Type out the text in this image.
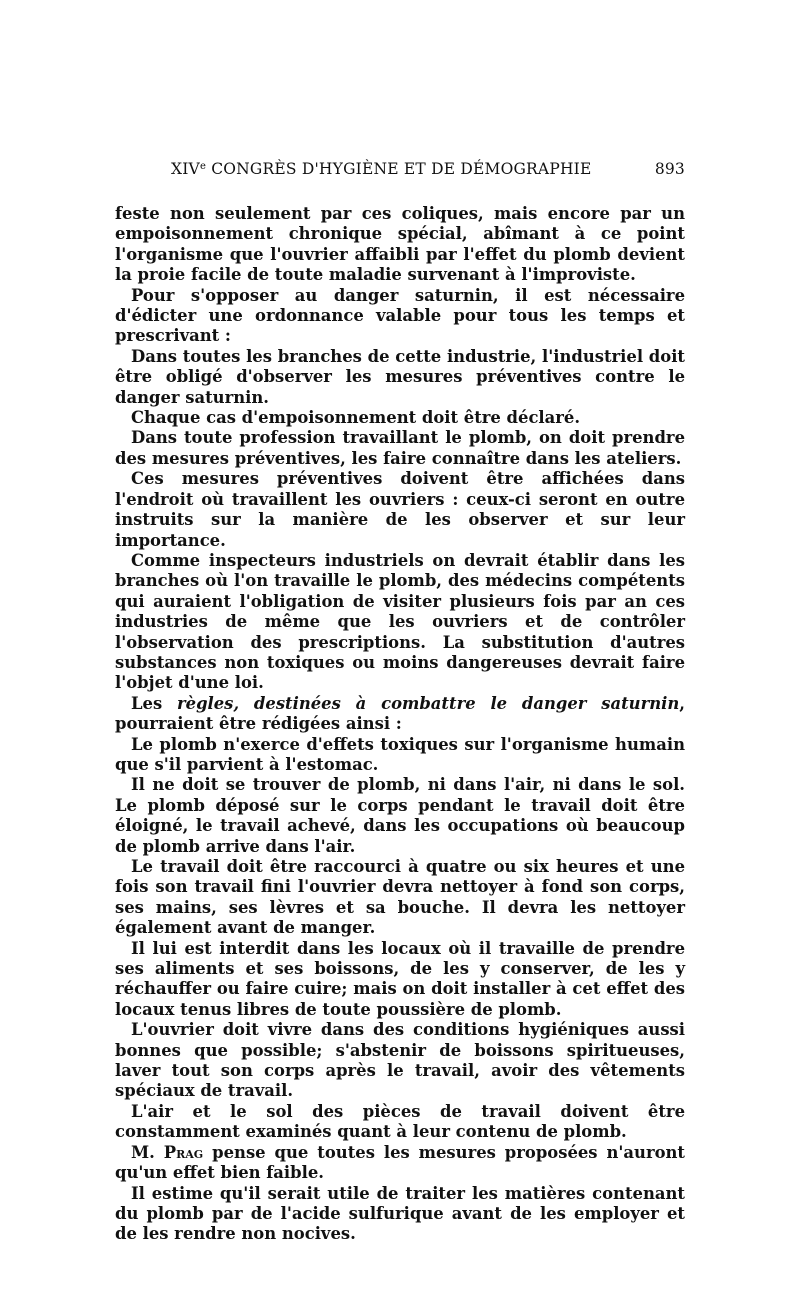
XIVe CONGRÈS D'HYGIÈNE ET DE DÉMOGRAPHIE	893

feste non seulement par ces coliques, mais encore par un empoisonnement chronique spécial, abîmant à ce point l'organisme que l'ouvrier affaibli par l'effet du plomb devient la proie facile de toute maladie survenant à l'improviste.

Pour s'opposer au danger saturnin, il est nécessaire d'édicter une ordonnance valable pour tous les temps et prescrivant :

Dans toutes les branches de cette industrie, l'industriel doit être obligé d'observer les mesures préventives contre le danger saturnin.

Chaque cas d'empoisonnement doit être déclaré.

Dans toute profession travaillant le plomb, on doit prendre des mesures préventives, les faire connaître dans les ateliers.

Ces mesures préventives doivent être affichées dans l'endroit où travaillent les ouvriers : ceux-ci seront en outre instruits sur la manière de les observer et sur leur importance.

Comme inspecteurs industriels on devrait établir dans les branches où l'on travaille le plomb, des médecins compétents qui auraient l'obligation de visiter plusieurs fois par an ces industries de même que les ouvriers et de contrôler l'observation des prescriptions. La substitution d'autres substances non toxiques ou moins dangereuses devrait faire l'objet d'une loi.

Les règles, destinées à combattre le danger saturnin, pourraient être rédigées ainsi :

Le plomb n'exerce d'effets toxiques sur l'organisme humain que s'il parvient à l'estomac.

Il ne doit se trouver de plomb, ni dans l'air, ni dans le sol. Le plomb déposé sur le corps pendant le travail doit être éloigné, le travail achevé, dans les occupations où beaucoup de plomb arrive dans l'air.

Le travail doit être raccourci à quatre ou six heures et une fois son travail fini l'ouvrier devra nettoyer à fond son corps, ses mains, ses lèvres et sa bouche. Il devra les nettoyer également avant de manger.

Il lui est interdit dans les locaux où il travaille de prendre ses aliments et ses boissons, de les y conserver, de les y réchauffer ou faire cuire; mais on doit installer à cet effet des locaux tenus libres de toute poussière de plomb.

L'ouvrier doit vivre dans des conditions hygiéniques aussi bonnes que possible; s'abstenir de boissons spiritueuses, laver tout son corps après le travail, avoir des vêtements spéciaux de travail.

L'air et le sol des pièces de travail doivent être constamment examinés quant à leur contenu de plomb.

M. Prag pense que toutes les mesures proposées n'auront qu'un effet bien faible.

Il estime qu'il serait utile de traiter les matières contenant du plomb par de l'acide sulfurique avant de les employer et de les rendre non nocives.
